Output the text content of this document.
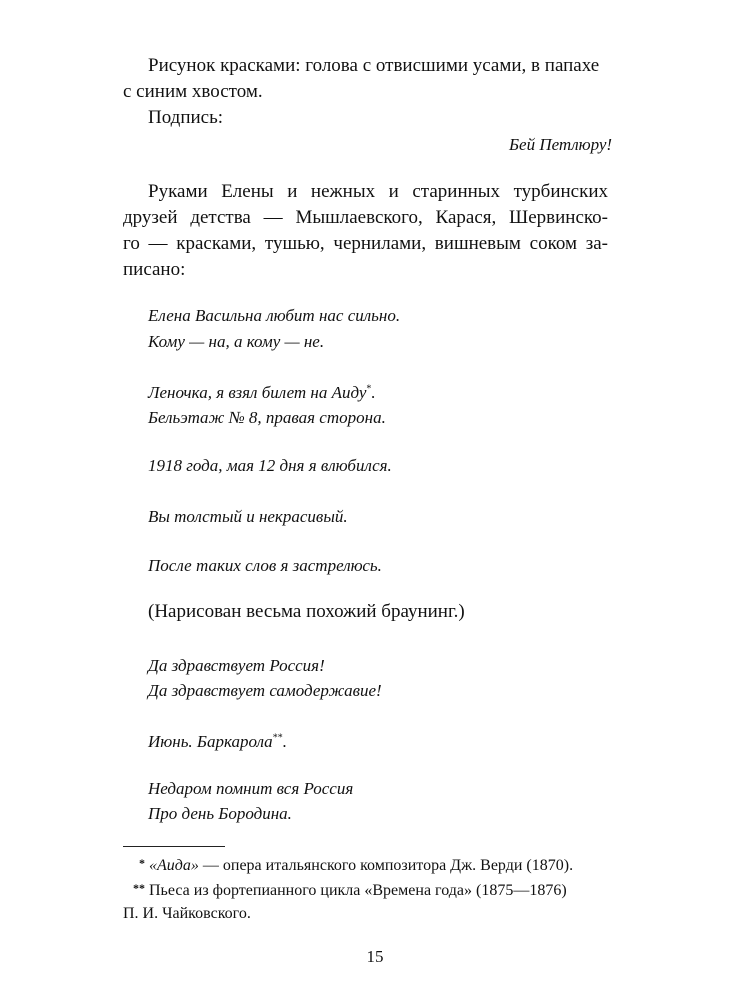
Рисунок красками: голова с отвисшими усами, в папахе
с синим хвостом.
Подпись:
Бей Петлюру!
Руками Елены и нежных и старинных турбинских
друзей детства — Мышлаевского, Карася, Шервинско-
го — красками, тушью, чернилами, вишневым соком за-
писано:
Елена Васильна любит нас сильно.
Кому — на, а кому — не.
Леночка, я взял билет на Аиду*.
Бельэтаж № 8, правая сторона.
1918 года, мая 12 дня я влюбился.
Вы толстый и некрасивый.
После таких слов я застрелюсь.
(Нарисован весьма похожий браунинг.)
Да здравствует Россия!
Да здравствует самодержавие!
Июнь. Баркарола**.
Недаром помнит вся Россия
Про день Бородина.
* «Аида» — опера итальянского композитора Дж. Верди (1870).
** Пьеса из фортепианного цикла «Времена года» (1875—1876)
П. И. Чайковского.
15
